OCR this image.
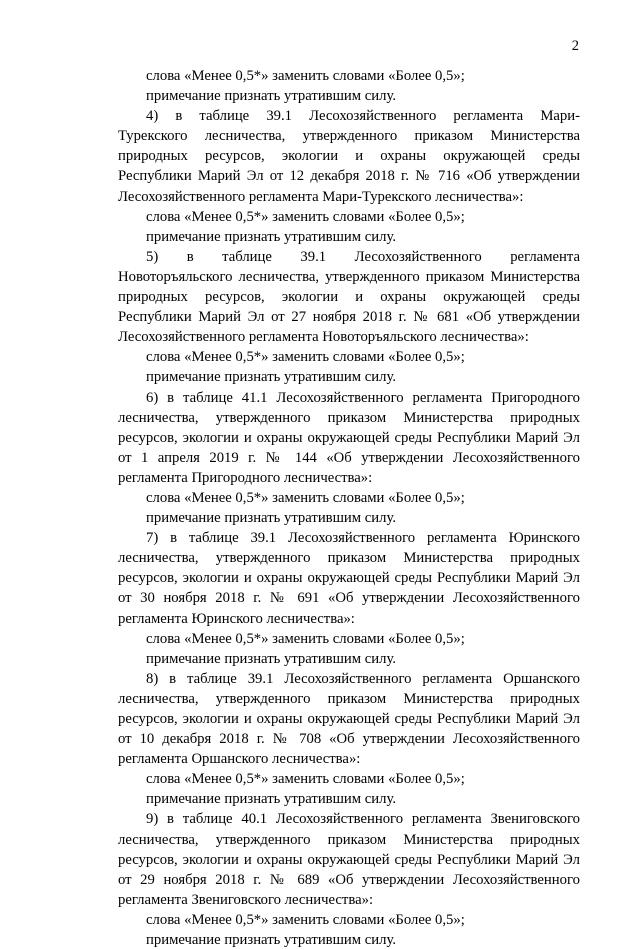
2
слова «Менее 0,5*» заменить словами «Более 0,5»;
примечание признать утратившим силу.
4) в таблице 39.1 Лесохозяйственного регламента Мари-
Турекского лесничества, утвержденного приказом Министерства
природных ресурсов, экологии и охраны окружающей среды
Республики Марий Эл от 12 декабря 2018 г. № 716 «Об утверждении
Лесохозяйственного регламента Мари-Турекского лесничества»:
слова «Менее 0,5*» заменить словами «Более 0,5»;
примечание признать утратившим силу.
5) в таблице 39.1 Лесохозяйственного регламента
Новоторъяльского лесничества, утвержденного приказом Министерства
природных ресурсов, экологии и охраны окружающей среды
Республики Марий Эл от 27 ноября 2018 г. № 681 «Об утверждении
Лесохозяйственного регламента Новоторъяльского лесничества»:
слова «Менее 0,5*» заменить словами «Более 0,5»;
примечание признать утратившим силу.
6) в таблице 41.1 Лесохозяйственного регламента Пригородного
лесничества, утвержденного приказом Министерства природных
ресурсов, экологии и охраны окружающей среды Республики Марий Эл
от 1 апреля 2019 г. № 144 «Об утверждении Лесохозяйственного
регламента Пригородного лесничества»:
слова «Менее 0,5*» заменить словами «Более 0,5»;
примечание признать утратившим силу.
7) в таблице 39.1 Лесохозяйственного регламента Юринского
лесничества, утвержденного приказом Министерства природных
ресурсов, экологии и охраны окружающей среды Республики Марий Эл
от 30 ноября 2018 г. № 691 «Об утверждении Лесохозяйственного
регламента Юринского лесничества»:
слова «Менее 0,5*» заменить словами «Более 0,5»;
примечание признать утратившим силу.
8) в таблице 39.1 Лесохозяйственного регламента Оршанского
лесничества, утвержденного приказом Министерства природных
ресурсов, экологии и охраны окружающей среды Республики Марий Эл
от 10 декабря 2018 г. № 708 «Об утверждении Лесохозяйственного
регламента Оршанского лесничества»:
слова «Менее 0,5*» заменить словами «Более 0,5»;
примечание признать утратившим силу.
9) в таблице 40.1 Лесохозяйственного регламента Звениговского
лесничества, утвержденного приказом Министерства природных
ресурсов, экологии и охраны окружающей среды Республики Марий Эл
от 29 ноября 2018 г. № 689 «Об утверждении Лесохозяйственного
регламента Звениговского лесничества»:
слова «Менее 0,5*» заменить словами «Более 0,5»;
примечание признать утратившим силу.
